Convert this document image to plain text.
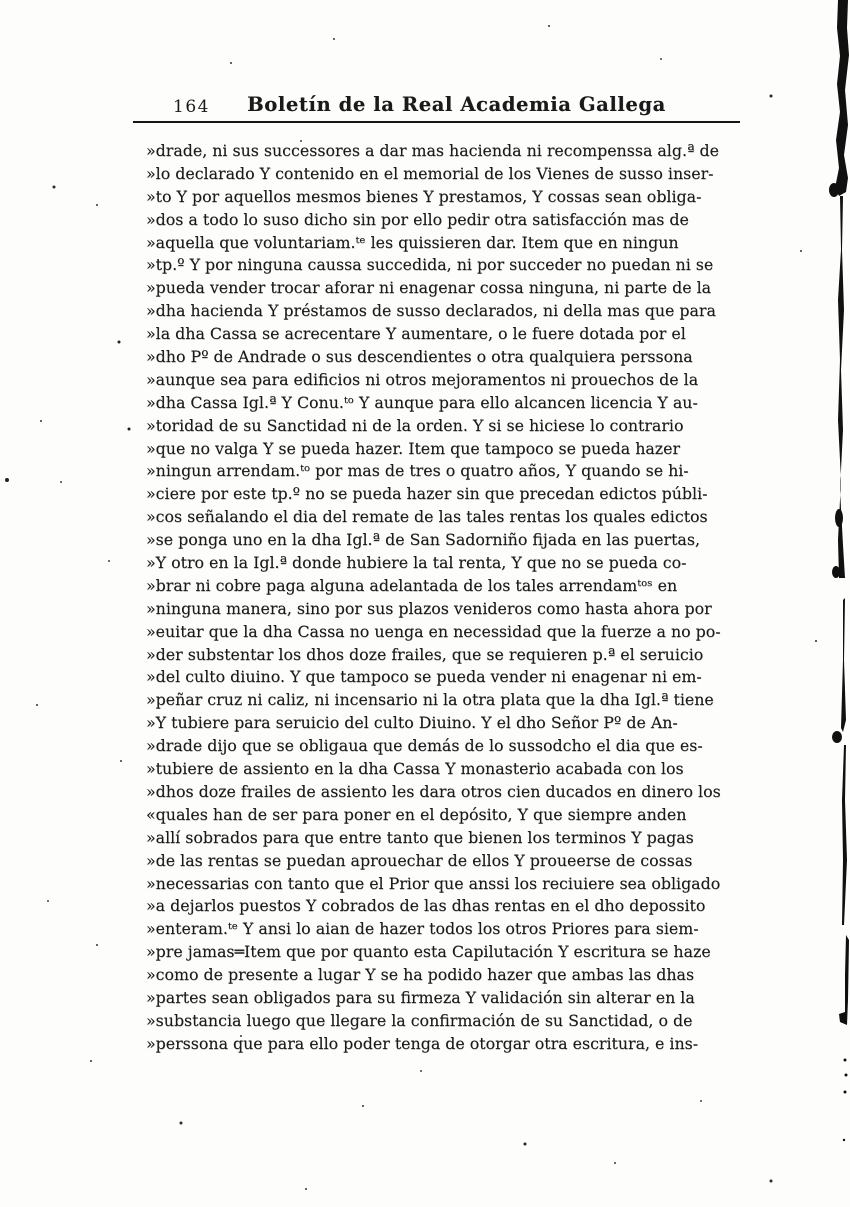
164	Boletín de la Real Academia Gallega
»drade, ni sus successores a dar mas hacienda ni recompenssa alg.ª de
»lo declarado Y contenido en el memorial de los Vienes de susso inser-
»to Y por aquellos mesmos bienes Y prestamos, Y cossas sean obliga-
»dos a todo lo suso dicho sin por ello pedir otra satisfacción mas de
»aquella que voluntariam.ᵗᵉ les quissieren dar. Item que en ningun
»tp.º Y por ninguna caussa succedida, ni por succeder no puedan ni se
»pueda vender trocar aforar ni enagenar cossa ninguna, ni parte de la
»dha hacienda Y préstamos de susso declarados, ni della mas que para
»la dha Cassa se acrecentare Y aumentare, o le fuere dotada por el
»dho Pº de Andrade o sus descendientes o otra qualquiera perssona
»aunque sea para edificios ni otros mejoramentos ni prouechos de la
»dha Cassa Igl.ª Y Conu.ᵗᵒ Y aunque para ello alcancen licencia Y au-
»toridad de su Sanctidad ni de la orden. Y si se hiciese lo contrario
»que no valga Y se pueda hazer. Item que tampoco se pueda hazer
»ningun arrendam.ᵗᵒ por mas de tres o quatro años, Y quando se hi-
»ciere por este tp.º no se pueda hazer sin que precedan edictos públi-
»cos señalando el dia del remate de las tales rentas los quales edictos
»se ponga uno en la dha Igl.ª de San Sadorniño fijada en las puertas,
»Y otro en la Igl.ª donde hubiere la tal renta, Y que no se pueda co-
»brar ni cobre paga alguna adelantada de los tales arrendamᵗᵒˢ en
»ninguna manera, sino por sus plazos venideros como hasta ahora por
»euitar que la dha Cassa no uenga en necessidad que la fuerze a no po-
»der substentar los dhos doze frailes, que se requieren p.ª el seruicio
»del culto diuino. Y que tampoco se pueda vender ni enagenar ni em-
»peñar cruz ni caliz, ni incensario ni la otra plata que la dha Igl.ª tiene
»Y tubiere para seruicio del culto Diuino. Y el dho Señor Pº de An-
»drade dijo que se obligaua que demás de lo sussodcho el dia que es-
»tubiere de assiento en la dha Cassa Y monasterio acabada con los
»dhos doze frailes de assiento les dara otros cien ducados en dinero los
«quales han de ser para poner en el depósito, Y que siempre anden
»allí sobrados para que entre tanto que bienen los terminos Y pagas
»de las rentas se puedan aprouechar de ellos Y proueerse de cossas
»necessarias con tanto que el Prior que anssi los reciuiere sea obligado
»a dejarlos puestos Y cobrados de las dhas rentas en el dho depossito
»enteram.ᵗᵉ Y ansi lo aian de hazer todos los otros Priores para siem-
»pre jamas═Item que por quanto esta Capilutación Y escritura se haze
»como de presente a lugar Y se ha podido hazer que ambas las dhas
»partes sean obligados para su firmeza Y validación sin alterar en la
»substancia luego que llegare la confirmación de su Sanctidad, o de
»perssona que para ello poder tenga de otorgar otra escritura, e ins-
